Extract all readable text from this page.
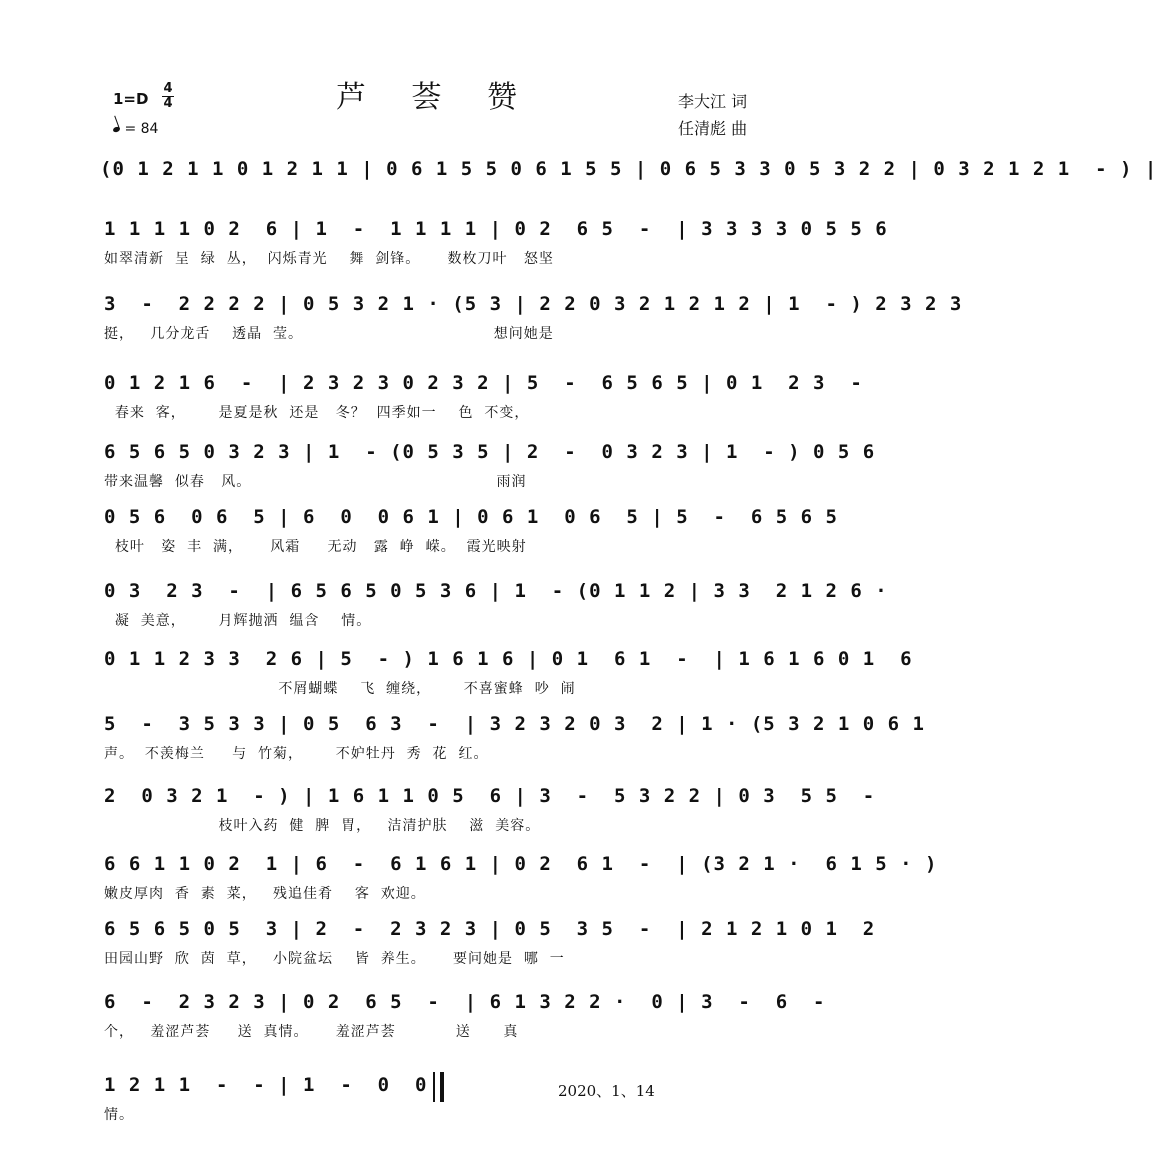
芦 荟 赞
1=D
4
4
= 84
李大江 词
任清彪 曲
(0 1 2 1 1 0 1 2 1 1 | 0 6 1 5 5 0 6 1 5 5 | 0 6 5 3 3 0 5 3 2 2 | 0 3 2 1 2 1  - ) |
1 1 1 1 0 2  6 | 1  -  1 1 1 1 | 0 2  6 5  -  | 3 3 3 3 0 5 5 6
如翠清新  呈  绿  丛，  闪烁青光    舞  剑锋。     数枚刀叶   怒坚
3  -  2 2 2 2 | 0 5 3 2 1 · (5 3 | 2 2 0 3 2 1 2 1 2 | 1  - ) 2 3 2 3
挺，   几分龙舌    透晶  莹。                                   想问她是
0 1 2 1 6  -  | 2 3 2 3 0 2 3 2 | 5  -  6 5 6 5 | 0 1  2 3  -
春来  客，      是夏是秋  还是   冬？  四季如一    色  不变，
6 5 6 5 0 3 2 3 | 1  - (0 5 3 5 | 2  -  0 3 2 3 | 1  - ) 0 5 6
带来温馨  似春   风。                                             雨润
0 5 6  0 6  5 | 6  0  0 6 1 | 0 6 1  0 6  5 | 5  -  6 5 6 5
枝叶   姿  丰  满，     风霜     无动   露  峥  嵘。  霞光映射
0 3  2 3  -  | 6 5 6 5 0 5 3 6 | 1  - (0 1 1 2 | 3 3  2 1 2 6 ·
凝  美意，      月辉抛洒  缊含    情。
0 1 1 2 3 3  2 6 | 5  - ) 1 6 1 6 | 0 1  6 1  -  | 1 6 1 6 0 1  6
不屑蝴蝶    飞  缠绕，      不喜蜜蜂  吵  闹
5  -  3 5 3 3 | 0 5  6 3  -  | 3 2 3 2 0 3  2 | 1 · (5 3 2 1 0 6 1
声。  不羡梅兰     与  竹菊，      不妒牡丹  秀  花  红。
2  0 3 2 1  - ) | 1 6 1 1 0 5  6 | 3  -  5 3 2 2 | 0 3  5 5  -
枝叶入药  健  脾  胃，   洁清护肤    滋  美容。
6 6 1 1 0 2  1 | 6  -  6 1 6 1 | 0 2  6 1  -  | (3 2 1 ·  6 1 5 · )
嫩皮厚肉  香  素  菜，   残追佳肴    客  欢迎。
6 5 6 5 0 5  3 | 2  -  2 3 2 3 | 0 5  3 5  -  | 2 1 2 1 0 1  2
田园山野  欣  茵  草，   小院盆坛    皆  养生。     要问她是  哪  一
6  -  2 3 2 3 | 0 2  6 5  -  | 6 1 3 2 2 ·  0 | 3  -  6  -
个，   羞涩芦荟     送  真情。     羞涩芦荟           送      真
1 2 1 1  -  - | 1  -  0  0
情。
2020、1、14
